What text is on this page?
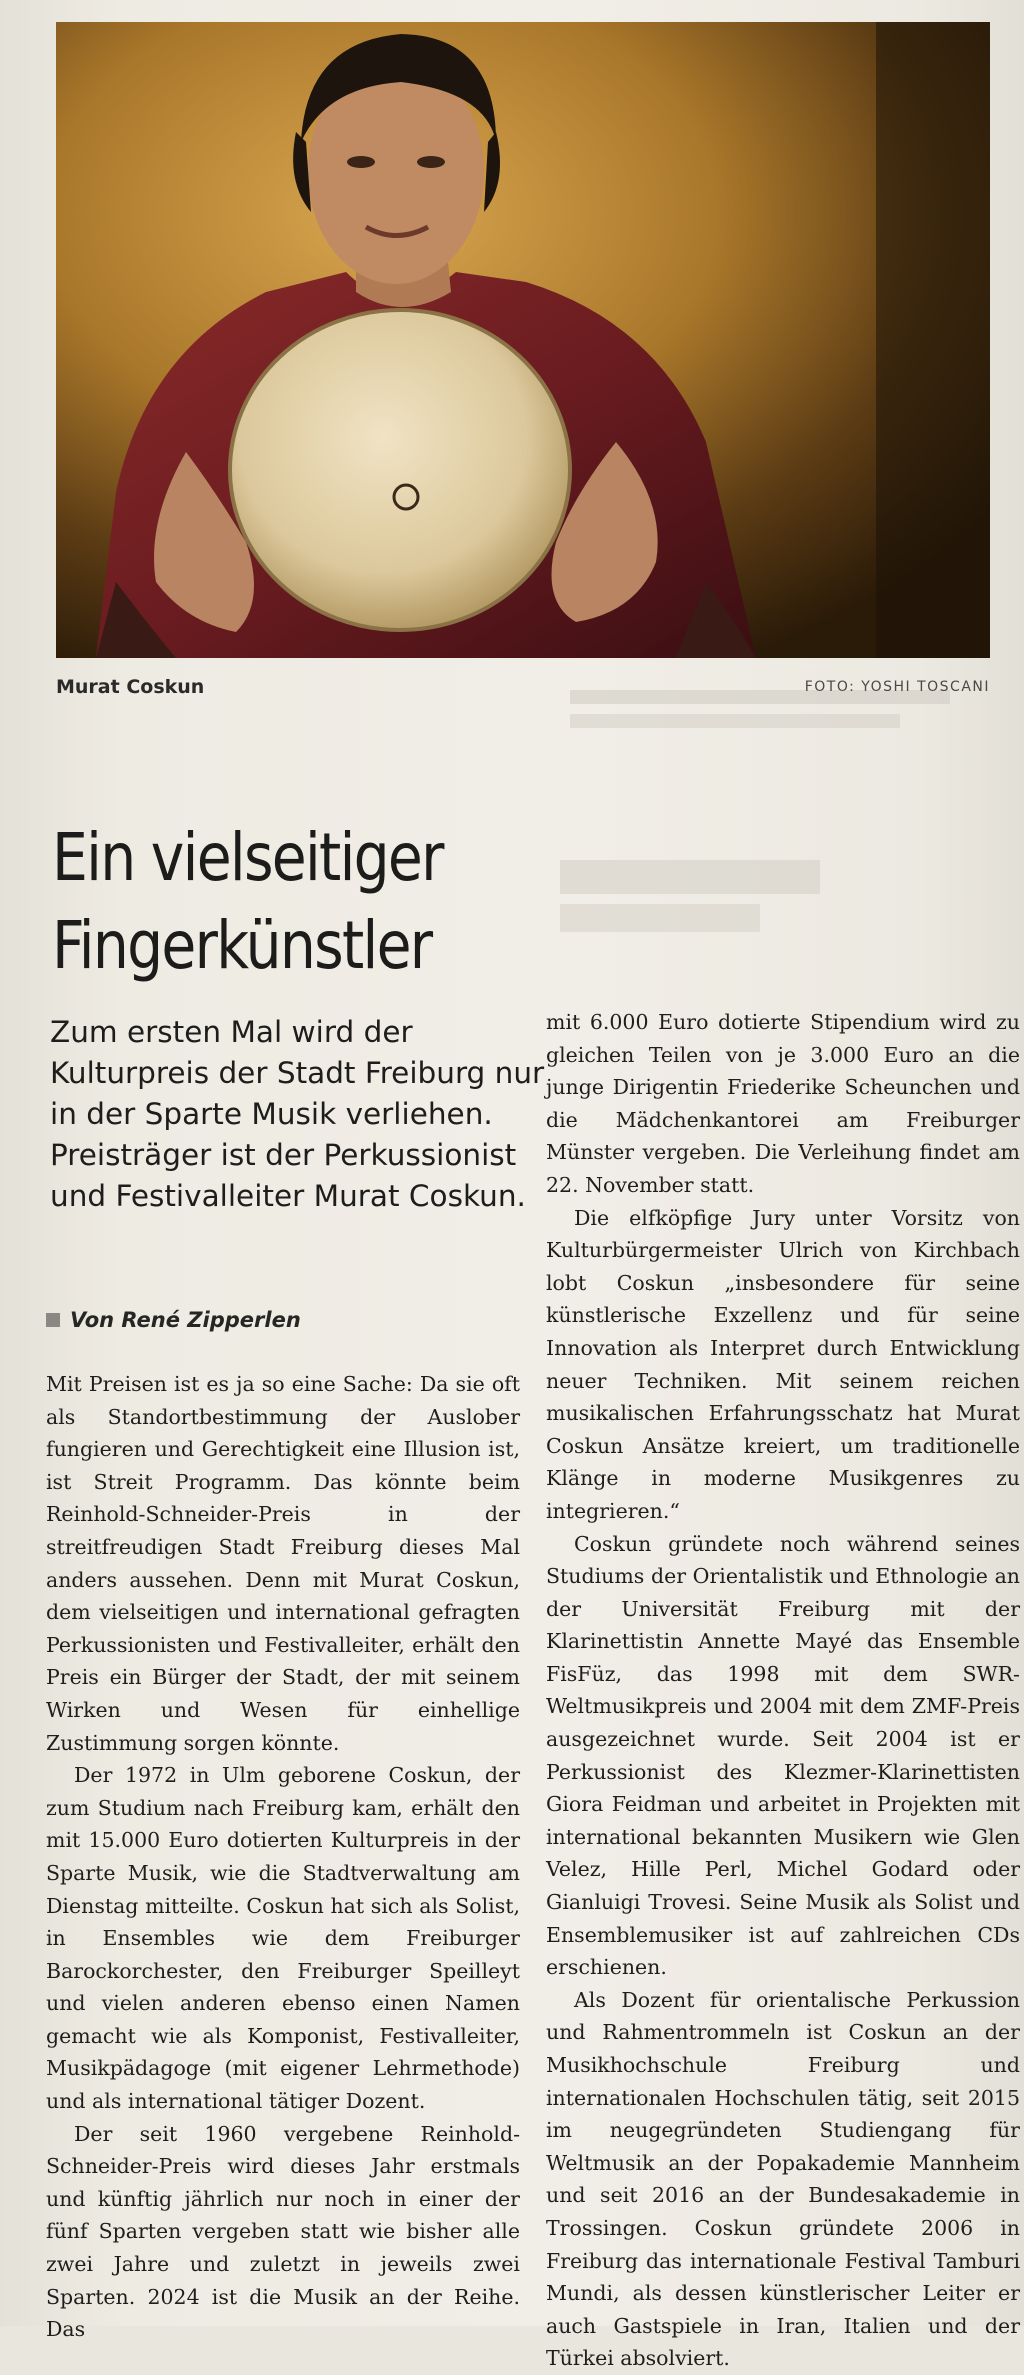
Murat Coskun	FOTO: YOSHI TOSCANI
Ein vielseitiger
Fingerkünstler
Zum ersten Mal wird der Kulturpreis der Stadt Freiburg nur in der Sparte Musik verliehen. Preisträger ist der Perkussionist und Festivalleiter Murat Coskun.
Von René Zipperlen

Mit Preisen ist es ja so eine Sache: Da sie oft als Standortbestimmung der Auslober fungieren und Gerechtigkeit eine Illusion ist, ist Streit Programm. Das könnte beim Reinhold-Schneider-Preis in der streitfreudigen Stadt Freiburg dieses Mal anders aussehen. Denn mit Murat Coskun, dem vielseitigen und international gefragten Perkussionisten und Festivalleiter, erhält den Preis ein Bürger der Stadt, der mit seinem Wirken und Wesen für einhellige Zustimmung sorgen könnte.

Der 1972 in Ulm geborene Coskun, der zum Studium nach Freiburg kam, erhält den mit 15.000 Euro dotierten Kulturpreis in der Sparte Musik, wie die Stadtverwaltung am Dienstag mitteilte. Coskun hat sich als Solist, in Ensembles wie dem Freiburger Barockorchester, den Freiburger Speilleyt und vielen anderen ebenso einen Namen gemacht wie als Komponist, Festivalleiter, Musikpädagoge (mit eigener Lehrmethode) und als international tätiger Dozent.

Der seit 1960 vergebene Reinhold-Schneider-Preis wird dieses Jahr erstmals und künftig jährlich nur noch in einer der fünf Sparten vergeben statt wie bisher alle zwei Jahre und zuletzt in jeweils zwei Sparten. 2024 ist die Musik an der Reihe. Das

mit 6.000 Euro dotierte Stipendium wird zu gleichen Teilen von je 3.000 Euro an die junge Dirigentin Friederike Scheunchen und die Mädchenkantorei am Freiburger Münster vergeben. Die Verleihung findet am 22. November statt.

Die elfköpfige Jury unter Vorsitz von Kulturbürgermeister Ulrich von Kirchbach lobt Coskun „insbesondere für seine künstlerische Exzellenz und für seine Innovation als Interpret durch Entwicklung neuer Techniken. Mit seinem reichen musikalischen Erfahrungsschatz hat Murat Coskun Ansätze kreiert, um traditionelle Klänge in moderne Musikgenres zu integrieren.“

Coskun gründete noch während seines Studiums der Orientalistik und Ethnologie an der Universität Freiburg mit der Klarinettistin Annette Mayé das Ensemble FisFüz, das 1998 mit dem SWR-Weltmusikpreis und 2004 mit dem ZMF-Preis ausgezeichnet wurde. Seit 2004 ist er Perkussionist des Klezmer-Klarinettisten Giora Feidman und arbeitet in Projekten mit international bekannten Musikern wie Glen Velez, Hille Perl, Michel Godard oder Gianluigi Trovesi. Seine Musik als Solist und Ensemblemusiker ist auf zahlreichen CDs erschienen.

Als Dozent für orientalische Perkussion und Rahmentrommeln ist Coskun an der Musikhochschule Freiburg und internationalen Hochschulen tätig, seit 2015 im neugegründeten Studiengang für Weltmusik an der Popakademie Mannheim und seit 2016 an der Bundesakademie in Trossingen. Coskun gründete 2006 in Freiburg das internationale Festival Tamburi Mundi, als dessen künstlerischer Leiter er auch Gastspiele in Iran, Italien und der Türkei absolviert.
